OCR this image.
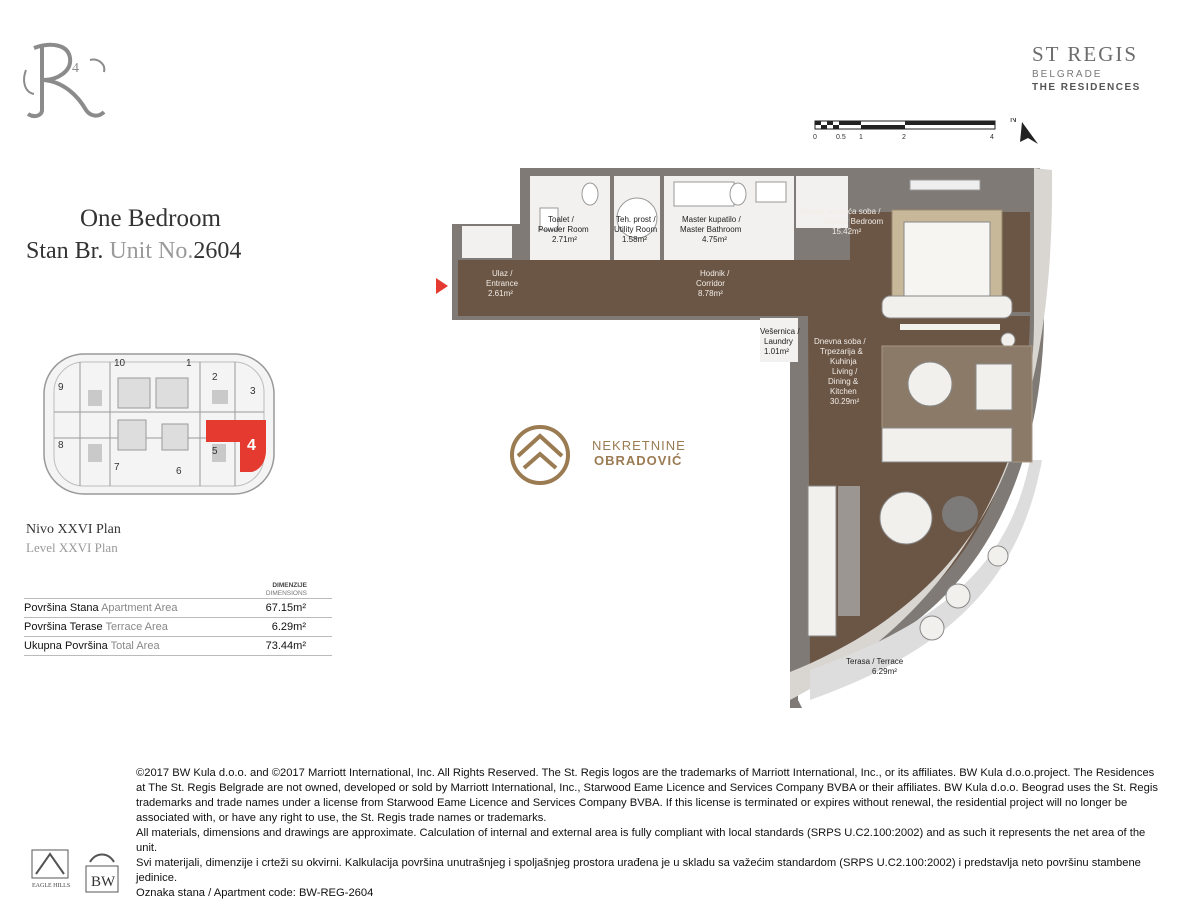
4
ST REGIS
BELGRADE
THE RESIDENCES
One Bedroom
Stan Br. Unit No.2604
10	1
2
3
9
8
7	6
5 4
Nivo XXVI Plan
Level XXVI Plan
DIMENZIJE
DIMENSIONS
Površina Stana Apartment Area	67.15m²
Površina Terase Terrace Area	6.29m²
Ukupna Površina Total Area	73.44m²
0	0.5 1	2	4
N
Toalet /
Powder Room
2.71m²
Teh. prost /
Utility Room
1.58m²
Master kupatilo /
Master Bathroom
4.75m²
Master spavaća soba /
Master Bedroom
15.42m²
Ulaz /
Entrance
2.61m²
Hodnik /
Corridor
8.78m²
Vešernica /
Laundry
1.01m²
Dnevna soba /
Trpezarija &
Kuhinja
Living /
Dining &
Kitchen
30.29m²
Terasa / Terrace
6.29m²
NEKRETNINE
OBRADOVIĆ
EAGLE HILLS BW

©2017 BW Kula d.o.o. and ©2017 Marriott International, Inc. All Rights Reserved. The St. Regis logos are the trademarks of Marriott International, Inc., or its affiliates. BW Kula d.o.o.project. The Residences at The St. Regis Belgrade are not owned, developed or sold by Marriott International, Inc., Starwood Eame Licence and Services Company BVBA or their affiliates. BW Kula d.o.o. Beograd uses the St. Regis trademarks and trade names under a license from Starwood Eame Licence and Services Company BVBA. If this license is terminated or expires without renewal, the residential project will no longer be associated with, or have any right to use, the St. Regis trade names or trademarks.

All materials, dimensions and drawings are approximate. Calculation of internal and external area is fully compliant with local standards (SRPS U.C2.100:2002) and as such it represents the net area of the unit.

Svi materijali, dimenzije i crteži su okvirni. Kalkulacija površina unutrašnjeg i spoljašnjeg prostora urađena je u skladu sa važećim standardom (SRPS U.C2.100:2002) i predstavlja neto površinu stambene jedinice.

Oznaka stana / Apartment code: BW-REG-2604
